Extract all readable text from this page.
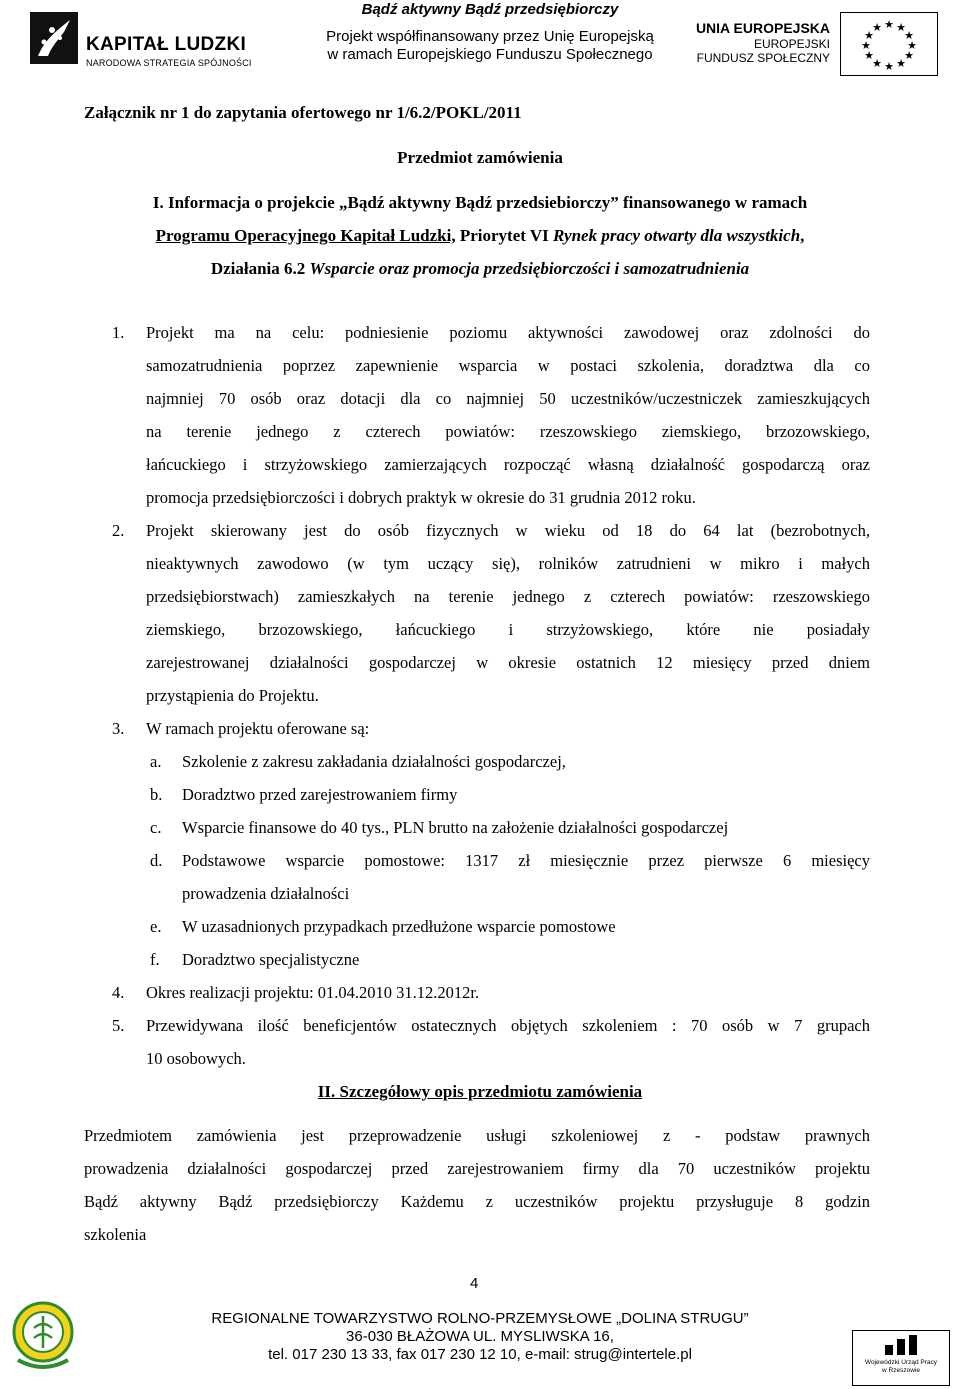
KAPITAŁ LUDZKI
NARODOWA STRATEGIA SPÓJNOŚCI
Bądź aktywny Bądź przedsiębiorczy
Projekt współfinansowany przez Unię Europejską
w ramach Europejskiego Funduszu Społecznego
UNIA EUROPEJSKA
EUROPEJSKI
FUNDUSZ SPOŁECZNY
★ ★
★
★
★
★
★
★
★
★
★
★
Załącznik nr 1 do zapytania ofertowego nr 1/6.2/POKL/2011
Przedmiot zamówienia
I. Informacja o projekcie „Bądź aktywny Bądź przedsiebiorczy” finansowanego w ramach
Programu Operacyjnego Kapitał Ludzki, Priorytet VI Rynek pracy otwarty dla wszystkich,
Działania 6.2 Wsparcie oraz promocja przedsiębiorczości i samozatrudnienia
1. Projekt ma na celu: podniesienie poziomu aktywności zawodowej oraz zdolności do
samozatrudnienia poprzez zapewnienie wsparcia w postaci szkolenia, doradztwa dla co
najmniej 70 osób oraz dotacji dla co najmniej 50 uczestników/uczestniczek zamieszkujących
na terenie jednego z czterech powiatów: rzeszowskiego ziemskiego, brzozowskiego,
łańcuckiego i strzyżowskiego zamierzających rozpocząć własną działalność gospodarczą oraz
promocja przedsiębiorczości i dobrych praktyk w okresie do 31 grudnia 2012 roku.
2. Projekt skierowany jest do osób fizycznych w wieku od 18 do 64 lat (bezrobotnych,
nieaktywnych zawodowo (w tym uczący się), rolników zatrudnieni w mikro i małych
przedsiębiorstwach) zamieszkałych na terenie jednego z czterech powiatów: rzeszowskiego
ziemskiego, brzozowskiego, łańcuckiego i strzyżowskiego, które nie posiadały
zarejestrowanej działalności gospodarczej w okresie ostatnich 12 miesięcy przed dniem
przystąpienia do Projektu.
3. W ramach projektu oferowane są:
a. Szkolenie z zakresu zakładania działalności gospodarczej,
b. Doradztwo przed zarejestrowaniem firmy
c. Wsparcie finansowe do 40 tys., PLN brutto na założenie działalności gospodarczej
d. Podstawowe wsparcie pomostowe: 1317 zł miesięcznie przez pierwsze 6 miesięcy
prowadzenia działalności
e. W uzasadnionych przypadkach przedłużone wsparcie pomostowe
f. Doradztwo specjalistyczne
4. Okres realizacji projektu: 01.04.2010 31.12.2012r.
5. Przewidywana ilość beneficjentów ostatecznych objętych szkoleniem : 70 osób w 7 grupach
10 osobowych.
II. Szczegółowy opis przedmiotu zamówienia
Przedmiotem zamówienia jest przeprowadzenie usługi szkoleniowej z - podstaw prawnych
prowadzenia działalności gospodarczej przed zarejestrowaniem firmy dla 70 uczestników projektu
Bądź aktywny Bądź przedsiębiorczy Każdemu z uczestników projektu przysługuje 8 godzin
szkolenia
4
REGIONALNE TOWARZYSTWO ROLNO-PRZEMYSŁOWE „DOLINA STRUGU”
36-030 BŁAŻOWA UL. MYSLIWSKA 16,
tel. 017 230 13 33, fax 017 230 12 10, e-mail: strug@intertele.pl	Wojewódzki Urząd Pracy
w Rzeszowie
